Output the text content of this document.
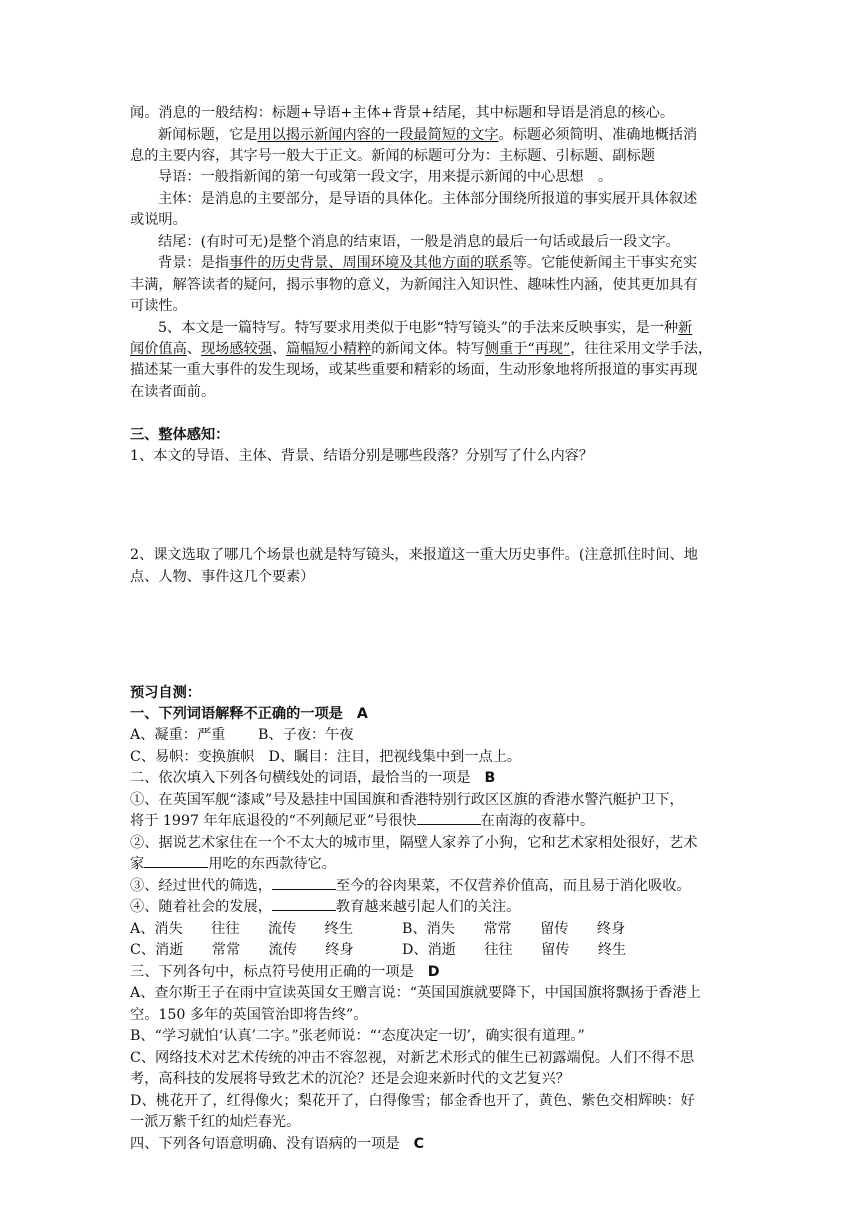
闻。消息的一般结构：标题+导语+主体+背景+结尾，其中标题和导语是消息的核心。
新闻标题，它是用以揭示新闻内容的一段最简短的文字。标题必须简明、准确地概括消
息的主要内容，其字号一般大于正文。新闻的标题可分为：主标题、引标题、副标题
导语：一般指新闻的第一句或第一段文字，用来提示新闻的中心思想　。
主体：是消息的主要部分，是导语的具体化。主体部分围绕所报道的事实展开具体叙述
或说明。
结尾：(有时可无)是整个消息的结束语，一般是消息的最后一句话或最后一段文字。
背景：是指事件的历史背景、周围环境及其他方面的联系等。它能使新闻主干事实充实
丰满，解答读者的疑问，揭示事物的意义，为新闻注入知识性、趣味性内涵，使其更加具有
可读性。
5、本文是一篇特写。特写要求用类似于电影“特写镜头”的手法来反映事实，是一种新
闻价值高、现场感较强、篇幅短小精粹的新闻文体。特写侧重于“再现”，往往采用文学手法，
描述某一重大事件的发生现场，或某些重要和精彩的场面，生动形象地将所报道的事实再现
在读者面前。
三、整体感知：
1、本文的导语、主体、背景、结语分别是哪些段落？分别写了什么内容？
2、课文选取了哪几个场景也就是特写镜头，来报道这一重大历史事件。(注意抓住时间、地
点、人物、事件这几个要素）
预习自测：
一、下列词语解释不正确的一项是 A
A、凝重：严重 B、子夜：午夜
C、易帜：变换旗帜　D、瞩目：注目，把视线集中到一点上。
二、依次填入下列各句横线处的词语，最恰当的一项是 B
①、在英国军舰“漆咸”号及悬挂中国国旗和香港特别行政区区旗的香港水警汽艇护卫下，
将于 1997 年年底退役的“不列颠尼亚”号很快	在南海的夜幕中。
②、据说艺术家住在一个不太大的城市里，隔壁人家养了小狗，它和艺术家相处很好，艺术
家	用吃的东西款待它。
③、经过世代的筛选，	至今的谷肉果菜，不仅营养价值高，而且易于消化吸收。
④、随着社会的发展，	教育越来越引起人们的关注。
A、消失　　往往　　流传　　终生	B、消失　　常常　　留传　　终身
C、消逝　　常常　　流传　　终身	D、消逝　　往往　　留传　　终生
三、下列各句中，标点符号使用正确的一项是 D
A、查尔斯王子在雨中宣读英国女王赠言说：“英国国旗就要降下，中国国旗将飘扬于香港上
空。150 多年的英国管治即将告终”。
B、“学习就怕‘认真’二字。”张老师说：“‘态度决定一切’，确实很有道理。”
C、网络技术对艺术传统的冲击不容忽视，对新艺术形式的催生已初露端倪。人们不得不思
考，高科技的发展将导致艺术的沉沦？还是会迎来新时代的文艺复兴？
D、桃花开了，红得像火；梨花开了，白得像雪；郁金香也开了，黄色、紫色交相辉映：好
一派万紫千红的灿烂春光。
四、下列各句语意明确、没有语病的一项是 C
